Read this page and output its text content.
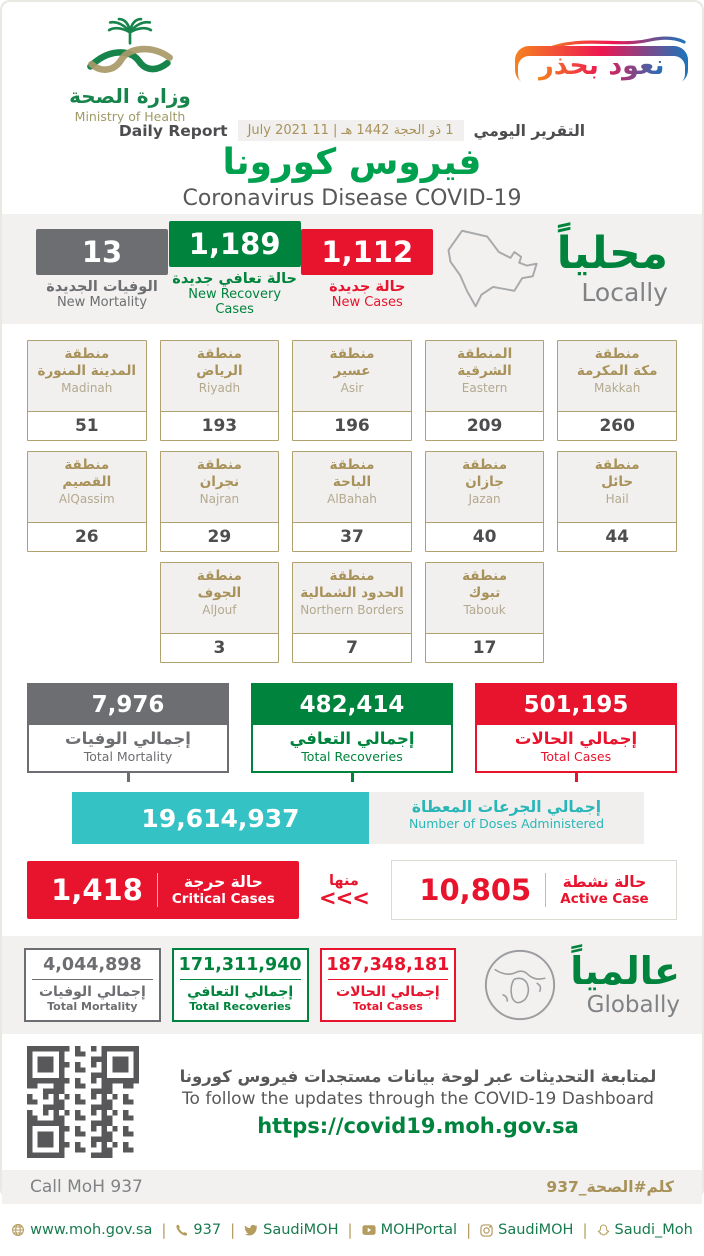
وزارة الصحة
Ministry of Health
نعود بحذر
Daily Report	1 ذو الحجة 1442 هـ | 11 July 2021	التقرير اليومي
فيروس كورونا
Coronavirus Disease COVID-19
13
الوفيات الجديدة
New Mortality
1,189
حالة تعافي جديدة
New Recovery Cases
1,112
حالة جديدة
New Cases
محلياً
Locally
منطقة
المدينة المنورة
Madinah
51
منطقة
الرياض
Riyadh
193
منطقة
عسير
Asir
196
المنطقة
الشرقية
Eastern
209
منطقة
مكة المكرمة
Makkah
260
منطقة
القصيم
AlQassim
26
منطقة
نجران
Najran
29
منطقة
الباحة
AlBahah
37
منطقة
جازان
Jazan
40
منطقة
حائل
Hail
44
منطقة
الجوف
AlJouf
3
منطقة
الحدود الشمالية
Northern Borders
7
منطقة
تبوك
Tabouk
17
7,976
إجمالي الوفيات
Total Mortality
482,414
إجمالي التعافي
Total Recoveries
501,195
إجمالي الحالات
Total Cases
19,614,937	إجمالي الجرعات المعطاة
Number of Doses Administered
1,418	حالة حرجة
Critical Cases
منها
<<< 10,805 حالة نشطة
Active Case
4,044,898
إجمالي الوفيات
Total Mortality
171,311,940
إجمالي التعافي
Total Recoveries
187,348,181
إجمالي الحالات
Total Cases
عالمياً
Globally
لمتابعة التحديثات عبر لوحة بيانات مستجدات فيروس كورونا
To follow the updates through the COVID-19 Dashboard
https://covid19.moh.gov.sa
Call MoH 937	كلم#الصحة_937
www.moh.gov.sa | 937 | SaudiMOH | MOHPortal | SaudiMOH | Saudi_Moh
